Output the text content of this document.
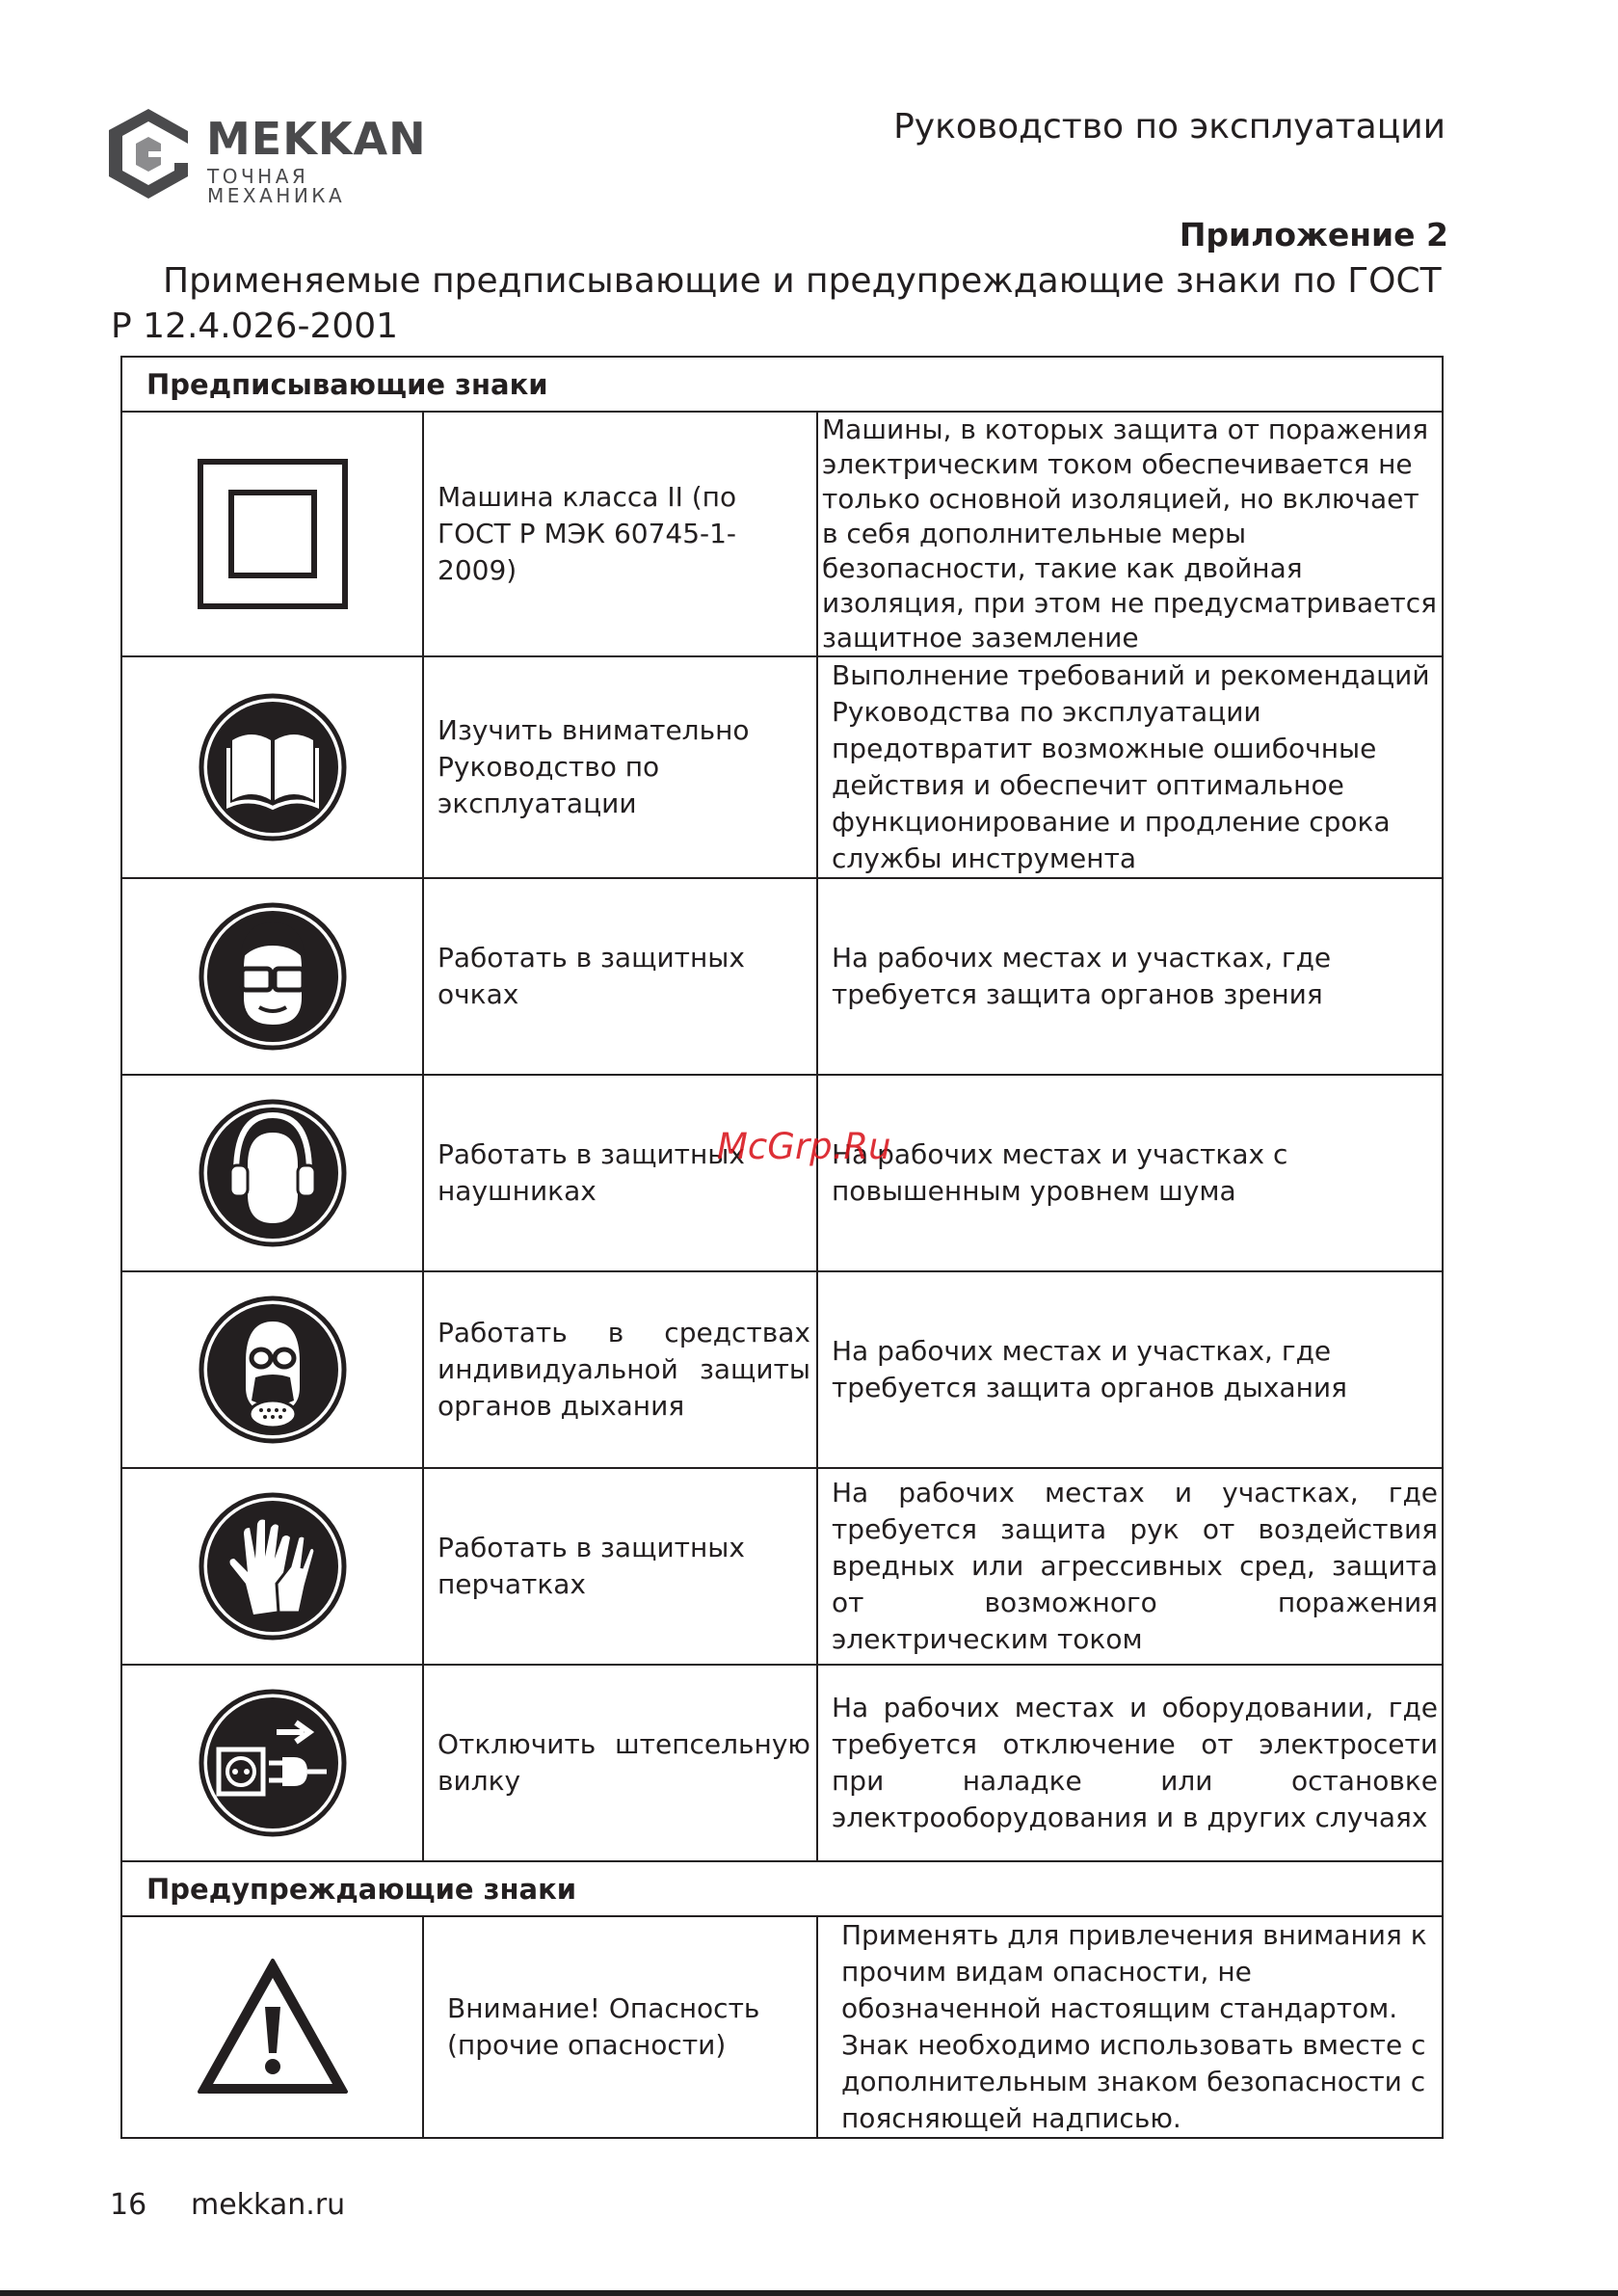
MEKKAN
ТОЧНАЯ МЕХАНИКА
Руководство по эксплуатации
Приложение 2
Применяемые предписывающие и предупреждающие знаки по ГОСТ Р 12.4.026-2001
Предписывающие знаки		
	Машина класса II (по ГОСТ Р МЭК 60745-1-2009)	Машины, в которых защита от поражения электрическим током обеспечивается не только основной изоляцией, но включает в себя дополнительные меры безопасности, такие как двойная изоляция, при этом не предусматривается защитное заземление
	Изучить внимательно Руководство по эксплуатации	Выполнение требований и рекомендаций Руководства по эксплуатации предотвратит возможные ошибочные действия и обеспечит оптимальное функционирование и продление срока службы инструмента
	Работать в защитных очках	На рабочих местах и участках, где требуется защита органов зрения
	Работать в защитных наушниках	На рабочих местах и участках с повышенным уровнем шума
	Работать в средствах индивидуальной защиты органов дыхания	На рабочих местах и участках, где требуется защита органов дыхания
	Работать в защитных перчатках	На рабочих местах и участках, где требуется защита рук от воздействия вредных или агрессивных сред, защита от возможного поражения электрическим током
	Отключить штепсельную вилку	На рабочих местах и оборудовании, где требуется отключение от электросети при наладке или остановке электрооборудования и в других случаях
Предупреждающие знаки		
	Внимание! Опасность (прочие опасности)	Применять для привлечения внимания к прочим видам опасности, не обозначенной настоящим стандартом. Знак необходимо использовать вместе с дополнительным знаком безопасности с поясняющей надписью.
McGrp.Ru
16 mekkan.ru
